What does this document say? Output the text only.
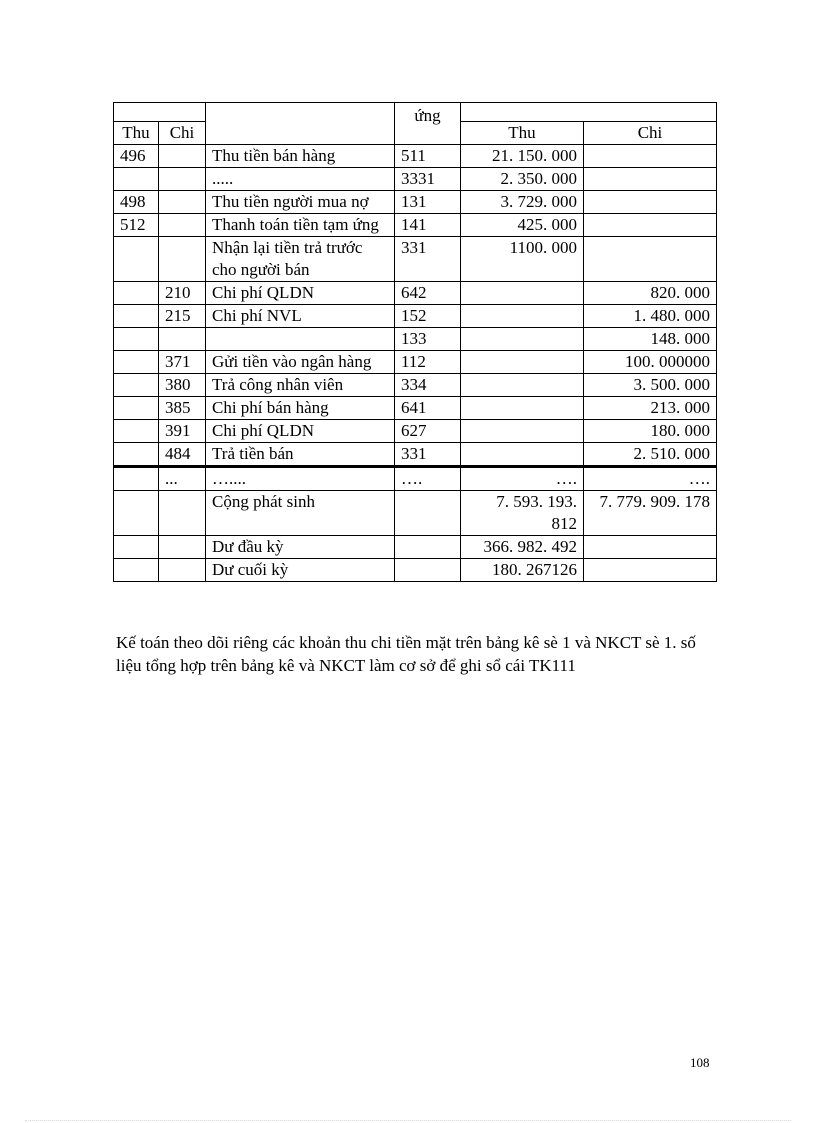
			ứng		
Thu	Chi			Thu	Chi
496		Thu tiền bán hàng	511	21. 150. 000	
		.....	3331	2. 350. 000	
498		Thu tiền người mua nợ	131	3. 729. 000	
512		Thanh toán tiền tạm ứng	141	425. 000	
		Nhận lại tiền trả trước cho người bán	331	1100. 000	
	210	Chi phí QLDN	642		820. 000
	215	Chi phí NVL	152		1. 480. 000
			133		148. 000
	371	Gửi tiền vào ngân hàng	112		100. 000000
	380	Trả công nhân viên	334		3. 500. 000
	385	Chi phí bán hàng	641		213. 000
	391	Chi phí QLDN	627		180. 000
	484	Trả tiền bán	331		2. 510. 000
	...	…....	….	….	….
		Cộng phát sinh		7. 593. 193. 812	7. 779. 909. 178
		Dư đầu kỳ		366. 982. 492	
		Dư cuối kỳ		180. 267126	

Kế toán theo dõi riêng các khoản thu chi tiền mặt trên bảng kê sè 1 và NKCT sè 1. số liệu tổng hợp trên bảng kê và NKCT làm cơ sở để ghi sổ cái TK111

108
